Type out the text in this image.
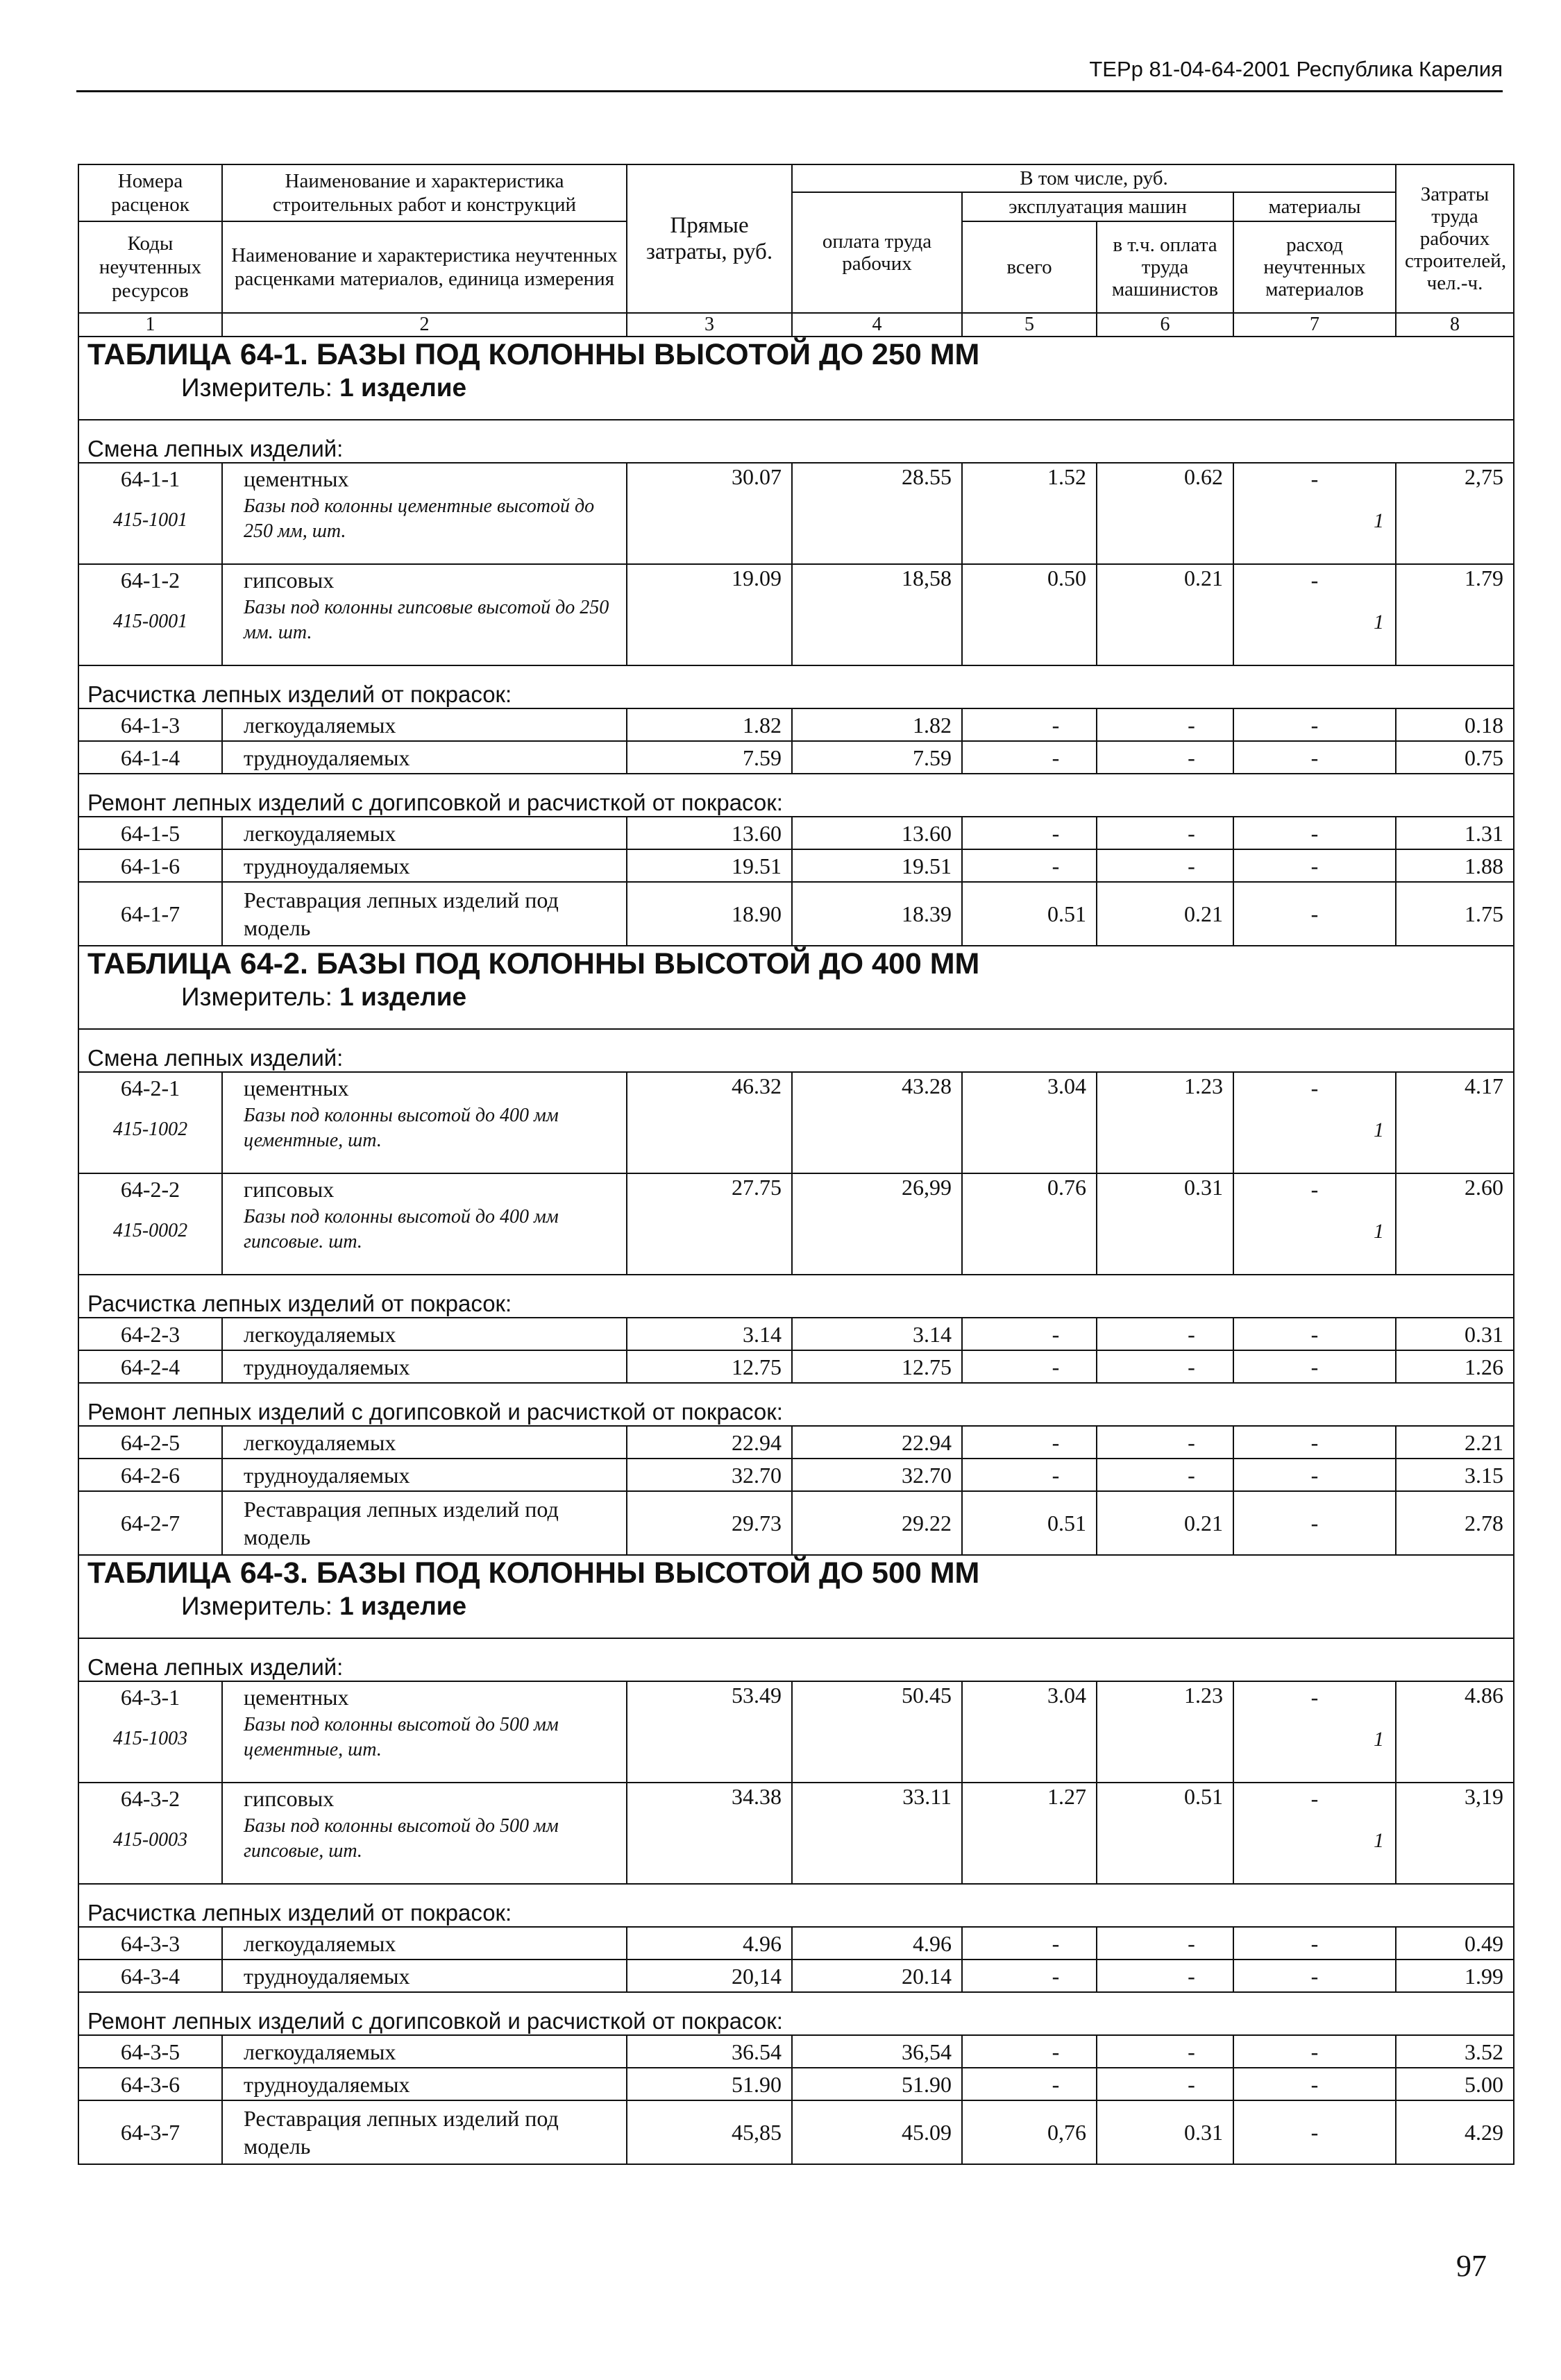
ТЕРр 81-04-64-2001 Республика Карелия
Номера расценок	Наименование и характеристика строительных работ и конструкций	Прямые затраты, руб.	В том числе, руб.				Затраты труда рабочих строителей, чел.-ч.
			оплата труда рабочих	эксплуатация машин		материалы	
Коды неучтенных ресурсов	Наименование и характеристика неучтенных расценками материалов, единица измерения			всего	в т.ч. оплата труда машинистов	расход неучтенных материалов	

1	2	3	4	5	6	7	8

ТАБЛИЦА 64-1. БАЗЫ ПОД КОЛОННЫ ВЫСОТОЙ ДО 250 ММ
Измеритель: 1 изделие							

Смена лепных изделий:							
64-1-1	цементных	30.07	28.55	1.52	0.62	-	2,75
415-1001	Базы под колонны цементные высотой до 250 мм, шт.					1	
64-1-2	гипсовых	19.09	18,58	0.50	0.21	-	1.79
415-0001	Базы под колонны гипсовые высотой до 250 мм. шт.					1	
Расчистка лепных изделий от покрасок:							
64-1-3	легкоудаляемых	1.82	1.82	-	-	-	0.18
64-1-4	трудноудаляемых	7.59	7.59	-	-	-	0.75
Ремонт лепных изделий с догипсовкой и расчисткой от покрасок:							
64-1-5	легкоудаляемых	13.60	13.60	-	-	-	1.31
64-1-6	трудноудаляемых	19.51	19.51	-	-	-	1.88
64-1-7	Реставрация лепных изделий под модель	18.90	18.39	0.51	0.21	-	1.75

ТАБЛИЦА 64-2. БАЗЫ ПОД КОЛОННЫ ВЫСОТОЙ ДО 400 ММ
Измеритель: 1 изделие							

Смена лепных изделий:							
64-2-1	цементных	46.32	43.28	3.04	1.23	-	4.17
415-1002	Базы под колонны высотой до 400 мм цементные, шт.					1	
64-2-2	гипсовых	27.75	26,99	0.76	0.31	-	2.60
415-0002	Базы под колонны высотой до 400 мм гипсовые. шт.					1	
Расчистка лепных изделий от покрасок:							
64-2-3	легкоудаляемых	3.14	3.14	-	-	-	0.31
64-2-4	трудноудаляемых	12.75	12.75	-	-	-	1.26
Ремонт лепных изделий с догипсовкой и расчисткой от покрасок:							
64-2-5	легкоудаляемых	22.94	22.94	-	-	-	2.21
64-2-6	трудноудаляемых	32.70	32.70	-	-	-	3.15
64-2-7	Реставрация лепных изделий под модель	29.73	29.22	0.51	0.21	-	2.78

ТАБЛИЦА 64-3. БАЗЫ ПОД КОЛОННЫ ВЫСОТОЙ ДО 500 ММ
Измеритель: 1 изделие							

Смена лепных изделий:							
64-3-1	цементных	53.49	50.45	3.04	1.23	-	4.86
415-1003	Базы под колонны высотой до 500 мм цементные, шт.					1	
64-3-2	гипсовых	34.38	33.11	1.27	0.51	-	3,19
415-0003	Базы под колонны высотой до 500 мм гипсовые, шт.					1	
Расчистка лепных изделий от покрасок:							
64-3-3	легкоудаляемых	4.96	4.96	-	-	-	0.49
64-3-4	трудноудаляемых	20,14	20.14	-	-	-	1.99
Ремонт лепных изделий с догипсовкой и расчисткой от покрасок:							
64-3-5	легкоудаляемых	36.54	36,54	-	-	-	3.52
64-3-6	трудноудаляемых	51.90	51.90	-	-	-	5.00
64-3-7	Реставрация лепных изделий под модель	45,85	45.09	0,76	0.31	-	4.29
97
